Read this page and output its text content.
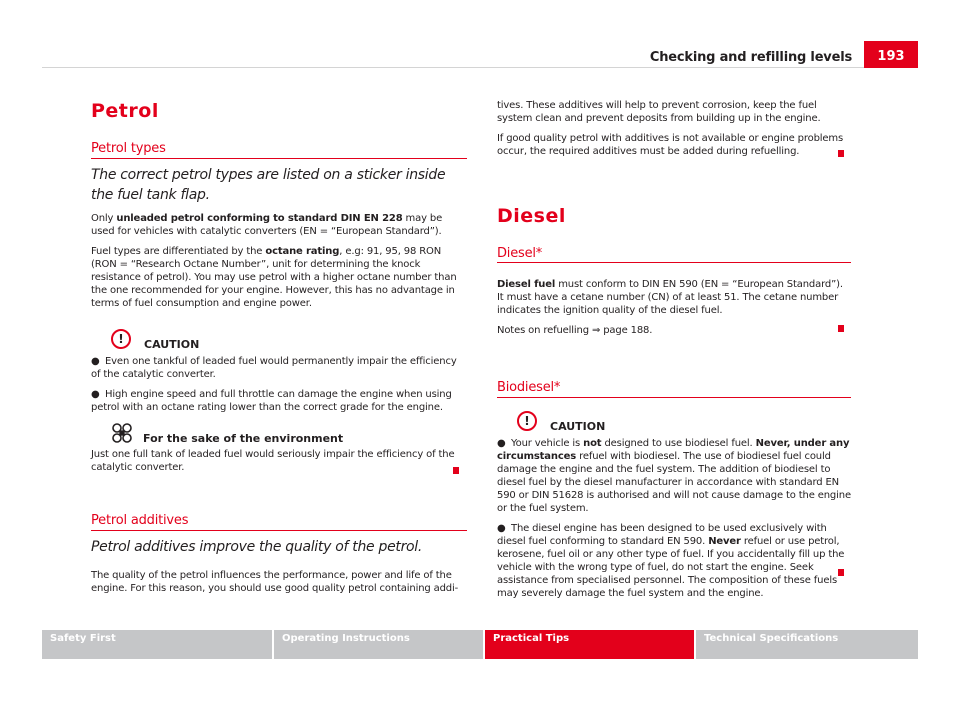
Checking and refilling levels	193
Petrol
Petrol types
The correct petrol types are listed on a sticker inside the fuel tank flap.

Only unleaded petrol conforming to standard DIN EN 228 may be used for vehicles with catalytic converters (EN = “European Standard”).

Fuel types are differentiated by the octane rating, e.g: 91, 95, 98 RON (RON = “Research Octane Number”, unit for determining the knock resistance of petrol). You may use petrol with a higher octane number than the one recommended for your engine. However, this has no advantage in terms of fuel consumption and engine power.

!	CAUTION

● Even one tankful of leaded fuel would permanently impair the efficiency of the catalytic converter.

● High engine speed and full throttle can damage the engine when using petrol with an octane rating lower than the correct grade for the engine.

For the sake of the environment
Just one full tank of leaded fuel would seriously impair the efficiency of the catalytic converter.
Petrol additives
Petrol additives improve the quality of the petrol.
The quality of the petrol influences the performance, power and life of the engine. For this reason, you should use good quality petrol containing addi-

tives. These additives will help to prevent corrosion, keep the fuel system clean and prevent deposits from building up in the engine.

If good quality petrol with additives is not available or engine problems occur, the required additives must be added during refuelling.

Diesel
Diesel*

Diesel fuel must conform to DIN EN 590 (EN = “European Standard”). It must have a cetane number (CN) of at least 51. The cetane number indicates the ignition quality of the diesel fuel.

Notes on refuelling ⇒ page 188.

Biodiesel*
!	CAUTION

● Your vehicle is not designed to use biodiesel fuel. Never, under any circumstances refuel with biodiesel. The use of biodiesel fuel could damage the engine and the fuel system. The addition of biodiesel to diesel fuel by the diesel manufacturer in accordance with standard EN 590 or DIN 51628 is authorised and will not cause damage to the engine or the fuel system.

● The diesel engine has been designed to be used exclusively with diesel fuel conforming to standard EN 590. Never refuel or use petrol, kerosene, fuel oil or any other type of fuel. If you accidentally fill up the vehicle with the wrong type of fuel, do not start the engine. Seek assistance from specialised personnel. The composition of these fuels may severely damage the fuel system and the engine.

Safety First	Operating Instructions	Practical Tips	Technical Specifications
